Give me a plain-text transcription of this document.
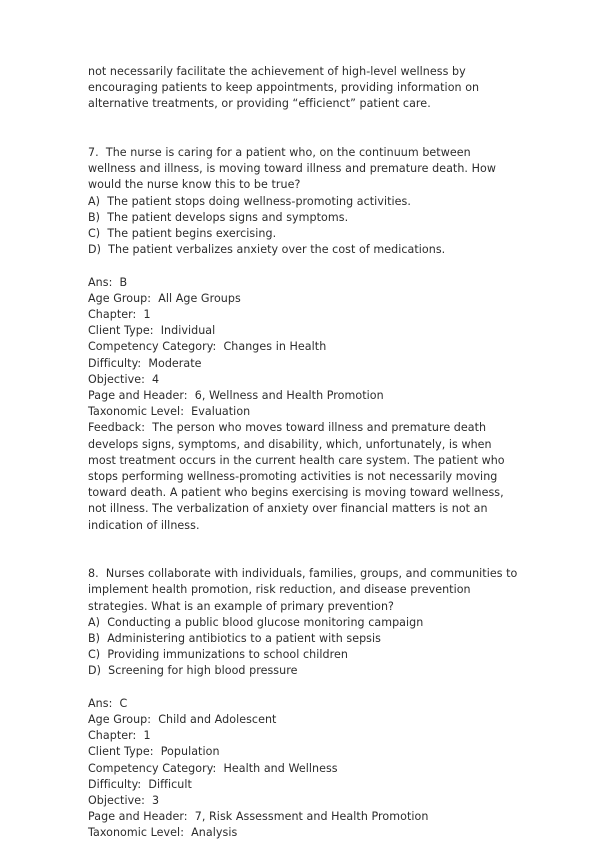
not necessarily facilitate the achievement of high-level wellness by encouraging patients to keep appointments, providing information on alternative treatments, or providing “efficienct” patient care.

7.  The nurse is caring for a patient who, on the continuum between wellness and illness, is moving toward illness and premature death. How would the nurse know this to be true?

A)  The patient stops doing wellness-promoting activities.

B)  The patient develops signs and symptoms.

C)  The patient begins exercising.

D)  The patient verbalizes anxiety over the cost of medications.

Ans:  B

Age Group:  All Age Groups

Chapter:  1

Client Type:  Individual

Competency Category:  Changes in Health

Difficulty:  Moderate

Objective:  4

Page and Header:  6, Wellness and Health Promotion

Taxonomic Level:  Evaluation

Feedback:  The person who moves toward illness and premature death develops signs, symptoms, and disability, which, unfortunately, is when most treatment occurs in the current health care system. The patient who stops performing wellness-promoting activities is not necessarily moving toward death. A patient who begins exercising is moving toward wellness, not illness. The verbalization of anxiety over financial matters is not an indication of illness.

8.  Nurses collaborate with individuals, families, groups, and communities to implement health promotion, risk reduction, and disease prevention strategies. What is an example of primary prevention?

A)  Conducting a public blood glucose monitoring campaign

B)  Administering antibiotics to a patient with sepsis

C)  Providing immunizations to school children

D)  Screening for high blood pressure

Ans:  C

Age Group:  Child and Adolescent

Chapter:  1

Client Type:  Population

Competency Category:  Health and Wellness

Difficulty:  Difficult

Objective:  3

Page and Header:  7, Risk Assessment and Health Promotion

Taxonomic Level:  Analysis
